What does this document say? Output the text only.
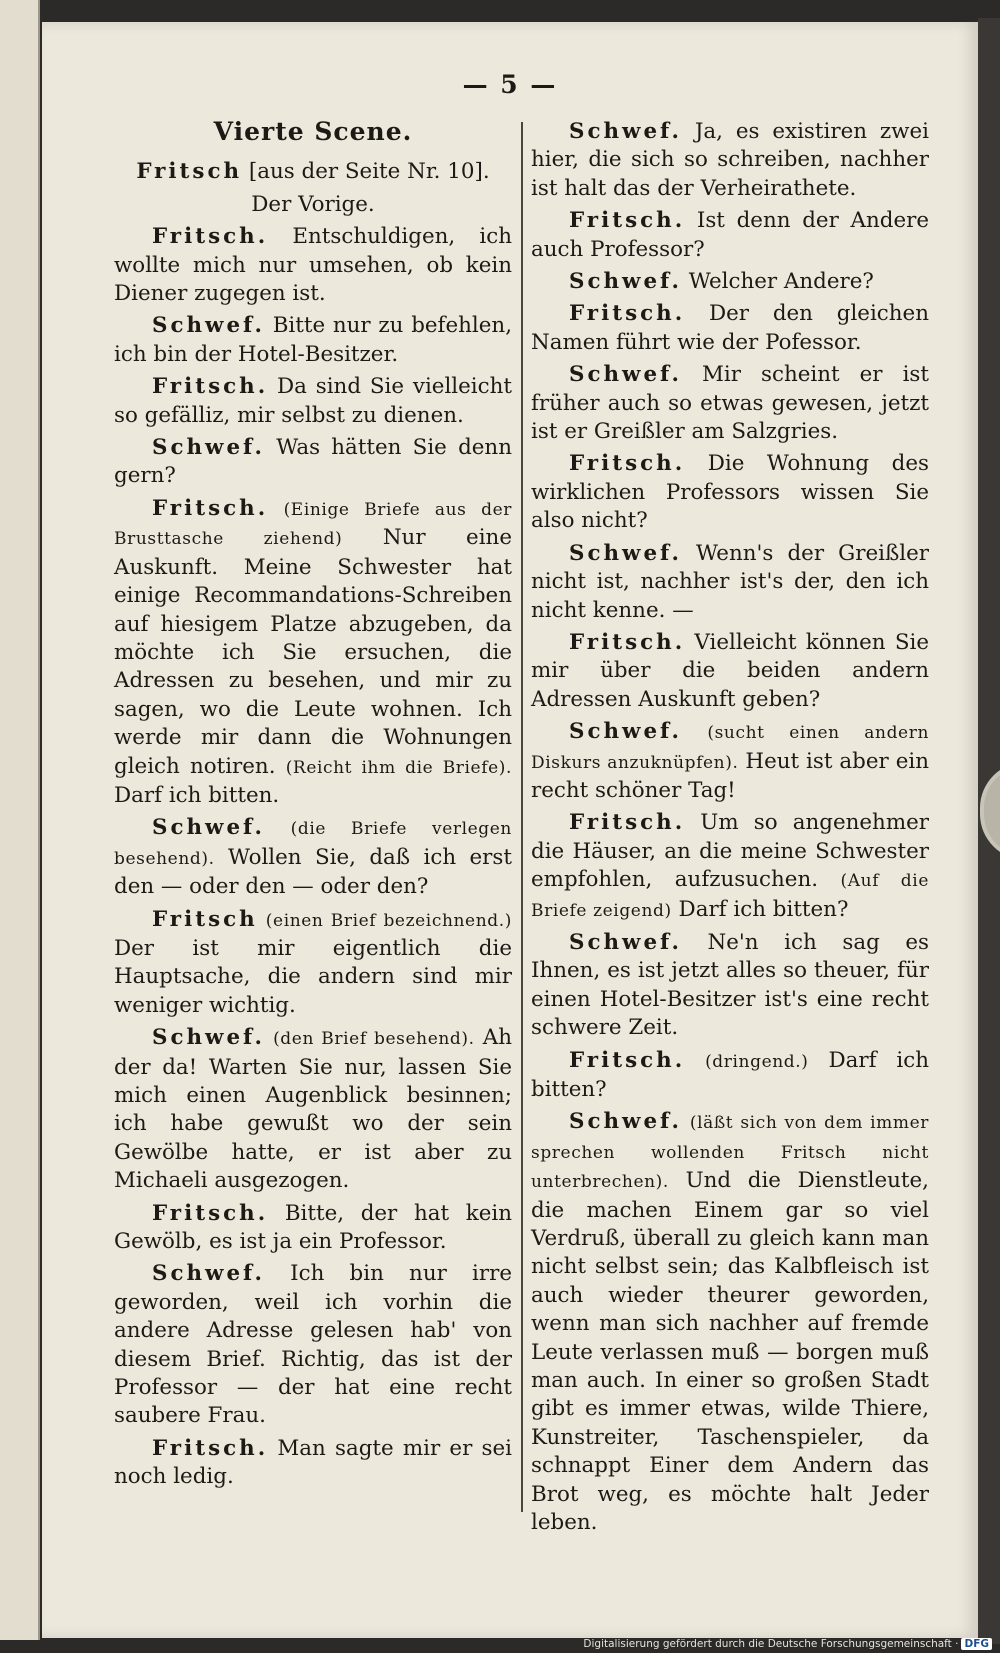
— 5 —
Vierte Scene.
Fritsch [aus der Seite Nr. 10].
Der Vorige.
Fritsch. Entschuldigen, ich wollte mich nur umsehen, ob kein Diener zugegen ist.
Schwef. Bitte nur zu befehlen, ich bin der Hotel-Besitzer.
Fritsch. Da sind Sie vielleicht so gefälliz, mir selbst zu dienen.
Schwef. Was hätten Sie denn gern?
Fritsch. (Einige Briefe aus der Brusttasche ziehend) Nur eine Auskunft. Meine Schwester hat einige Recommandations-Schreiben auf hiesigem Platze abzugeben, da möchte ich Sie ersuchen, die Adressen zu besehen, und mir zu sagen, wo die Leute wohnen. Ich werde mir dann die Wohnungen gleich notiren. (Reicht ihm die Briefe). Darf ich bitten.
Schwef. (die Briefe verlegen besehend). Wollen Sie, daß ich erst den — oder den — oder den?
Fritsch (einen Brief bezeichnend.) Der ist mir eigentlich die Hauptsache, die andern sind mir weniger wichtig.
Schwef. (den Brief besehend). Ah der da! Warten Sie nur, lassen Sie mich einen Augenblick besinnen; ich habe gewußt wo der sein Gewölbe hatte, er ist aber zu Michaeli ausgezogen.
Fritsch. Bitte, der hat kein Gewölb, es ist ja ein Professor.
Schwef. Ich bin nur irre geworden, weil ich vorhin die andere Adresse gelesen hab' von diesem Brief. Richtig, das ist der Professor — der hat eine recht saubere Frau.
Fritsch. Man sagte mir er sei noch ledig.
Schwef. Ja, es existiren zwei hier, die sich so schreiben, nachher ist halt das der Verheirathete.
Fritsch. Ist denn der Andere auch Professor?
Schwef. Welcher Andere?
Fritsch. Der den gleichen Namen führt wie der Pofessor.
Schwef. Mir scheint er ist früher auch so etwas gewesen, jetzt ist er Greißler am Salzgries.
Fritsch. Die Wohnung des wirklichen Professors wissen Sie also nicht?
Schwef. Wenn's der Greißler nicht ist, nachher ist's der, den ich nicht kenne. —
Fritsch. Vielleicht können Sie mir über die beiden andern Adressen Auskunft geben?
Schwef. (sucht einen andern Diskurs anzuknüpfen). Heut ist aber ein recht schöner Tag!
Fritsch. Um so angenehmer die Häuser, an die meine Schwester empfohlen, aufzusuchen. (Auf die Briefe zeigend) Darf ich bitten?
Schwef. Ne'n ich sag es Ihnen, es ist jetzt alles so theuer, für einen Hotel-Besitzer ist's eine recht schwere Zeit.
Fritsch. (dringend.) Darf ich bitten?
Schwef. (läßt sich von dem immer sprechen wollenden Fritsch nicht unterbrechen). Und die Dienstleute, die machen Einem gar so viel Verdruß, überall zu gleich kann man nicht selbst sein; das Kalbfleisch ist auch wieder theurer geworden, wenn man sich nachher auf fremde Leute verlassen muß — borgen muß man auch. In einer so großen Stadt gibt es immer etwas, wilde Thiere, Kunstreiter, Taschenspieler, da schnappt Einer dem Andern das Brot weg, es möchte halt Jeder leben.
Digitalisierung gefördert durch die Deutsche Forschungsgemeinschaft · DFG
